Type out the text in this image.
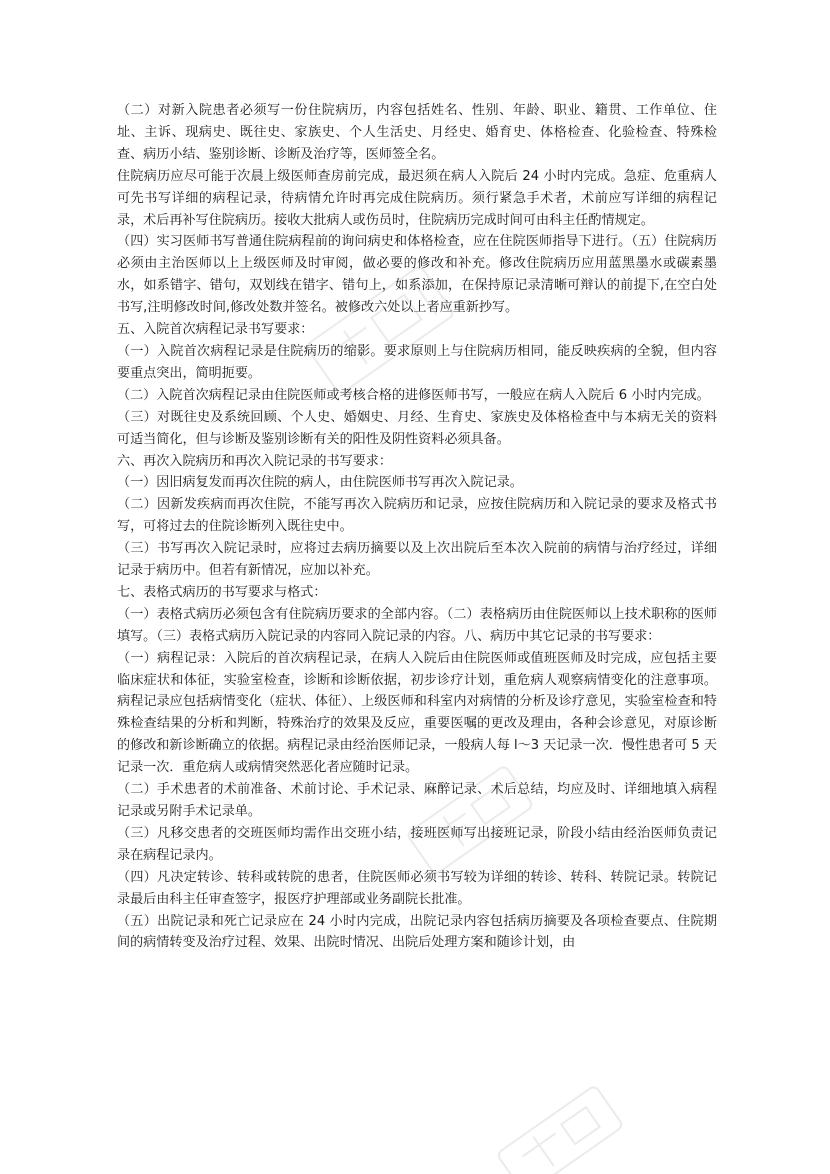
（二）对新入院患者必须写一份住院病历，内容包括姓名、性别、年龄、职业、籍贯、工作单位、住址、主诉、现病史、既往史、家族史、个人生活史、月经史、婚育史、体格检查、化验检查、特殊检查、病历小结、鉴别诊断、诊断及治疗等，医师签全名。

住院病历应尽可能于次晨上级医师查房前完成，最迟须在病人入院后 24 小时内完成。急症、危重病人可先书写详细的病程记录，待病情允许时再完成住院病历。须行紧急手术者，术前应写详细的病程记录，术后再补写住院病历。接收大批病人或伤员时，住院病历完成时间可由科主任酌情规定。

（四）实习医师书写普通住院病程前的询问病史和体格检查，应在住院医师指导下进行。（五）住院病历必须由主治医师以上上级医师及时审阅，做必要的修改和补充。修改住院病历应用蓝黑墨水或碳素墨水，如系错字、错句，双划线在错字、错句上，如系添加，在保持原记录清晰可辩认的前提下,在空白处书写,注明修改时间,修改处数并签名。被修改六处以上者应重新抄写。

五、入院首次病程记录书写要求：

（一）入院首次病程记录是住院病历的缩影。要求原则上与住院病历相同，能反映疾病的全貌，但内容要重点突出，简明扼要。

（二）入院首次病程记录由住院医师或考核合格的进修医师书写，一般应在病人入院后 6 小时内完成。

（三）对既往史及系统回顾、个人史、婚姻史、月经、生育史、家族史及体格检查中与本病无关的资料可适当简化，但与诊断及鉴别诊断有关的阳性及阴性资料必须具备。

六、再次入院病历和再次入院记录的书写要求：

（一）因旧病复发而再次住院的病人，由住院医师书写再次入院记录。

（二）因新发疾病而再次住院，不能写再次入院病历和记录，应按住院病历和入院记录的要求及格式书写，可将过去的住院诊断列入既往史中。

（三）书写再次入院记录时，应将过去病历摘要以及上次出院后至本次入院前的病情与治疗经过，详细记录于病历中。但若有新情况，应加以补充。

七、表格式病历的书写要求与格式：

（一）表格式病历必须包含有住院病历要求的全部内容。（二）表格病历由住院医师以上技术职称的医师填写。（三）表格式病历入院记录的内容同入院记录的内容。八、病历中其它记录的书写要求：

（一）病程记录：入院后的首次病程记录，在病人入院后由住院医师或值班医师及时完成，应包括主要临床症状和体征，实验室检查，诊断和诊断依据，初步诊疗计划，重危病人观察病情变化的注意事项。病程记录应包括病情变化（症状、体征）、上级医师和科室内对病情的分析及诊疗意见，实验室检查和特殊检查结果的分析和判断，特殊治疗的效果及反应，重要医嘱的更改及理由，各种会诊意见，对原诊断的修改和新诊断确立的依据。病程记录由经治医师记录，一般病人每 l～3 天记录一次．慢性患者可 5 天记录一次．重危病人或病情突然恶化者应随时记录。

（二）手术患者的术前准备、术前讨论、手术记录、麻醉记录、术后总结，均应及时、详细地填入病程记录或另附手术记录单。

（三）凡移交患者的交班医师均需作出交班小结，接班医师写出接班记录，阶段小结由经治医师负责记录在病程记录内。

（四）凡决定转诊、转科或转院的患者，住院医师必须书写较为详细的转诊、转科、转院记录。转院记录最后由科主任审查签字，报医疗护理部或业务副院长批准。

（五）出院记录和死亡记录应在 24 小时内完成，出院记录内容包括病历摘要及各项检查要点、住院期间的病情转变及治疗过程、效果、出院时情况、出院后处理方案和随诊计划，由
